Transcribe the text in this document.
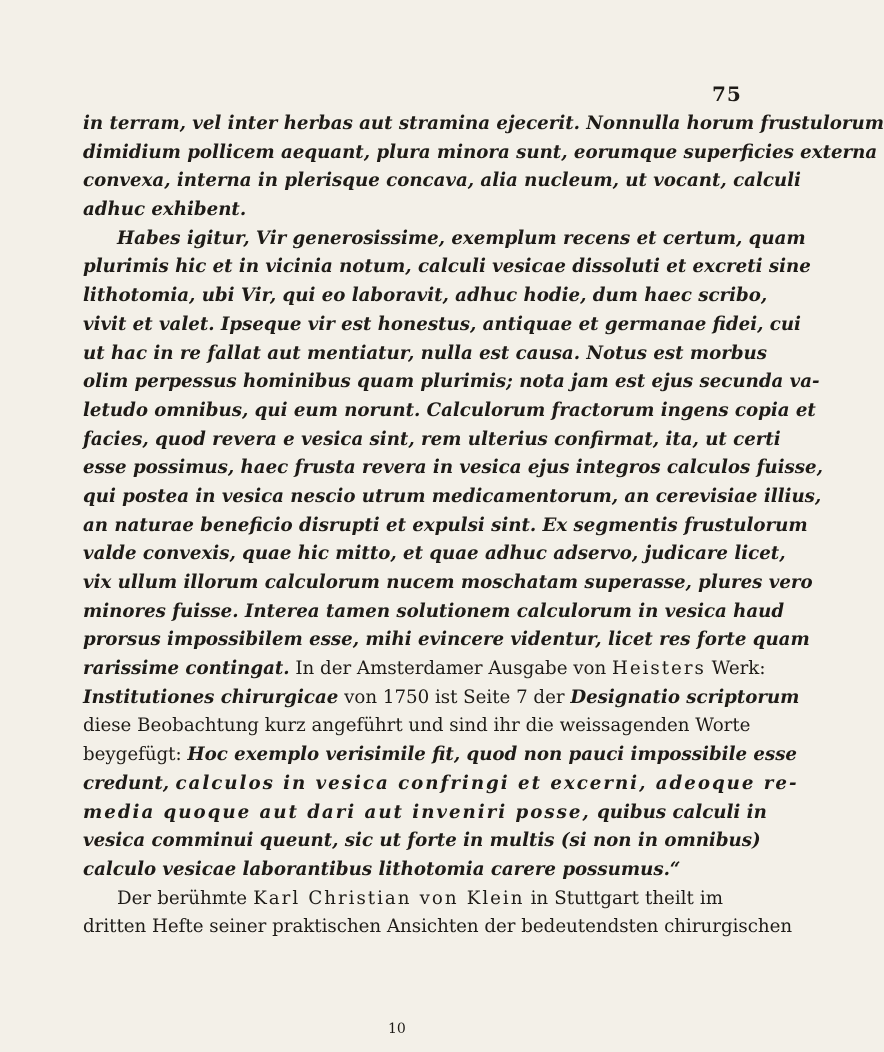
75
in terram, vel inter herbas aut stramina ejecerit. Nonnulla horum frustulorum
dimidium pollicem aequant, plura minora sunt, eorumque superficies externa
convexa, interna in plerisque concava, alia nucleum, ut vocant, calculi
adhuc exhibent.
Habes igitur, Vir generosissime, exemplum recens et certum, quam
plurimis hic et in vicinia notum, calculi vesicae dissoluti et excreti sine
lithotomia, ubi Vir, qui eo laboravit, adhuc hodie, dum haec scribo,
vivit et valet. Ipseque vir est honestus, antiquae et germanae fidei, cui
ut hac in re fallat aut mentiatur, nulla est causa. Notus est morbus
olim perpessus hominibus quam plurimis; nota jam est ejus secunda va-
letudo omnibus, qui eum norunt. Calculorum fractorum ingens copia et
facies, quod revera e vesica sint, rem ulterius confirmat, ita, ut certi
esse possimus, haec frusta revera in vesica ejus integros calculos fuisse,
qui postea in vesica nescio utrum medicamentorum, an cerevisiae illius,
an naturae beneficio disrupti et expulsi sint. Ex segmentis frustulorum
valde convexis, quae hic mitto, et quae adhuc adservo, judicare licet,
vix ullum illorum calculorum nucem moschatam superasse, plures vero
minores fuisse. Interea tamen solutionem calculorum in vesica haud
prorsus impossibilem esse, mihi evincere videntur, licet res forte quam
rarissime contingat. In der Amsterdamer Ausgabe von Heisters Werk:
Institutiones chirurgicae von 1750 ist Seite 7 der Designatio scriptorum
diese Beobachtung kurz angeführt und sind ihr die weissagenden Worte
beygefügt: Hoc exemplo verisimile fit, quod non pauci impossibile esse
credunt, calculos in vesica confringi et excerni, adeoque re-
media quoque aut dari aut inveniri posse, quibus calculi in
vesica comminui queunt, sic ut forte in multis (si non in omnibus)
calculo vesicae laborantibus lithotomia carere possumus.“
Der berühmte Karl Christian von Klein in Stuttgart theilt im
dritten Hefte seiner praktischen Ansichten der bedeutendsten chirurgischen
10
